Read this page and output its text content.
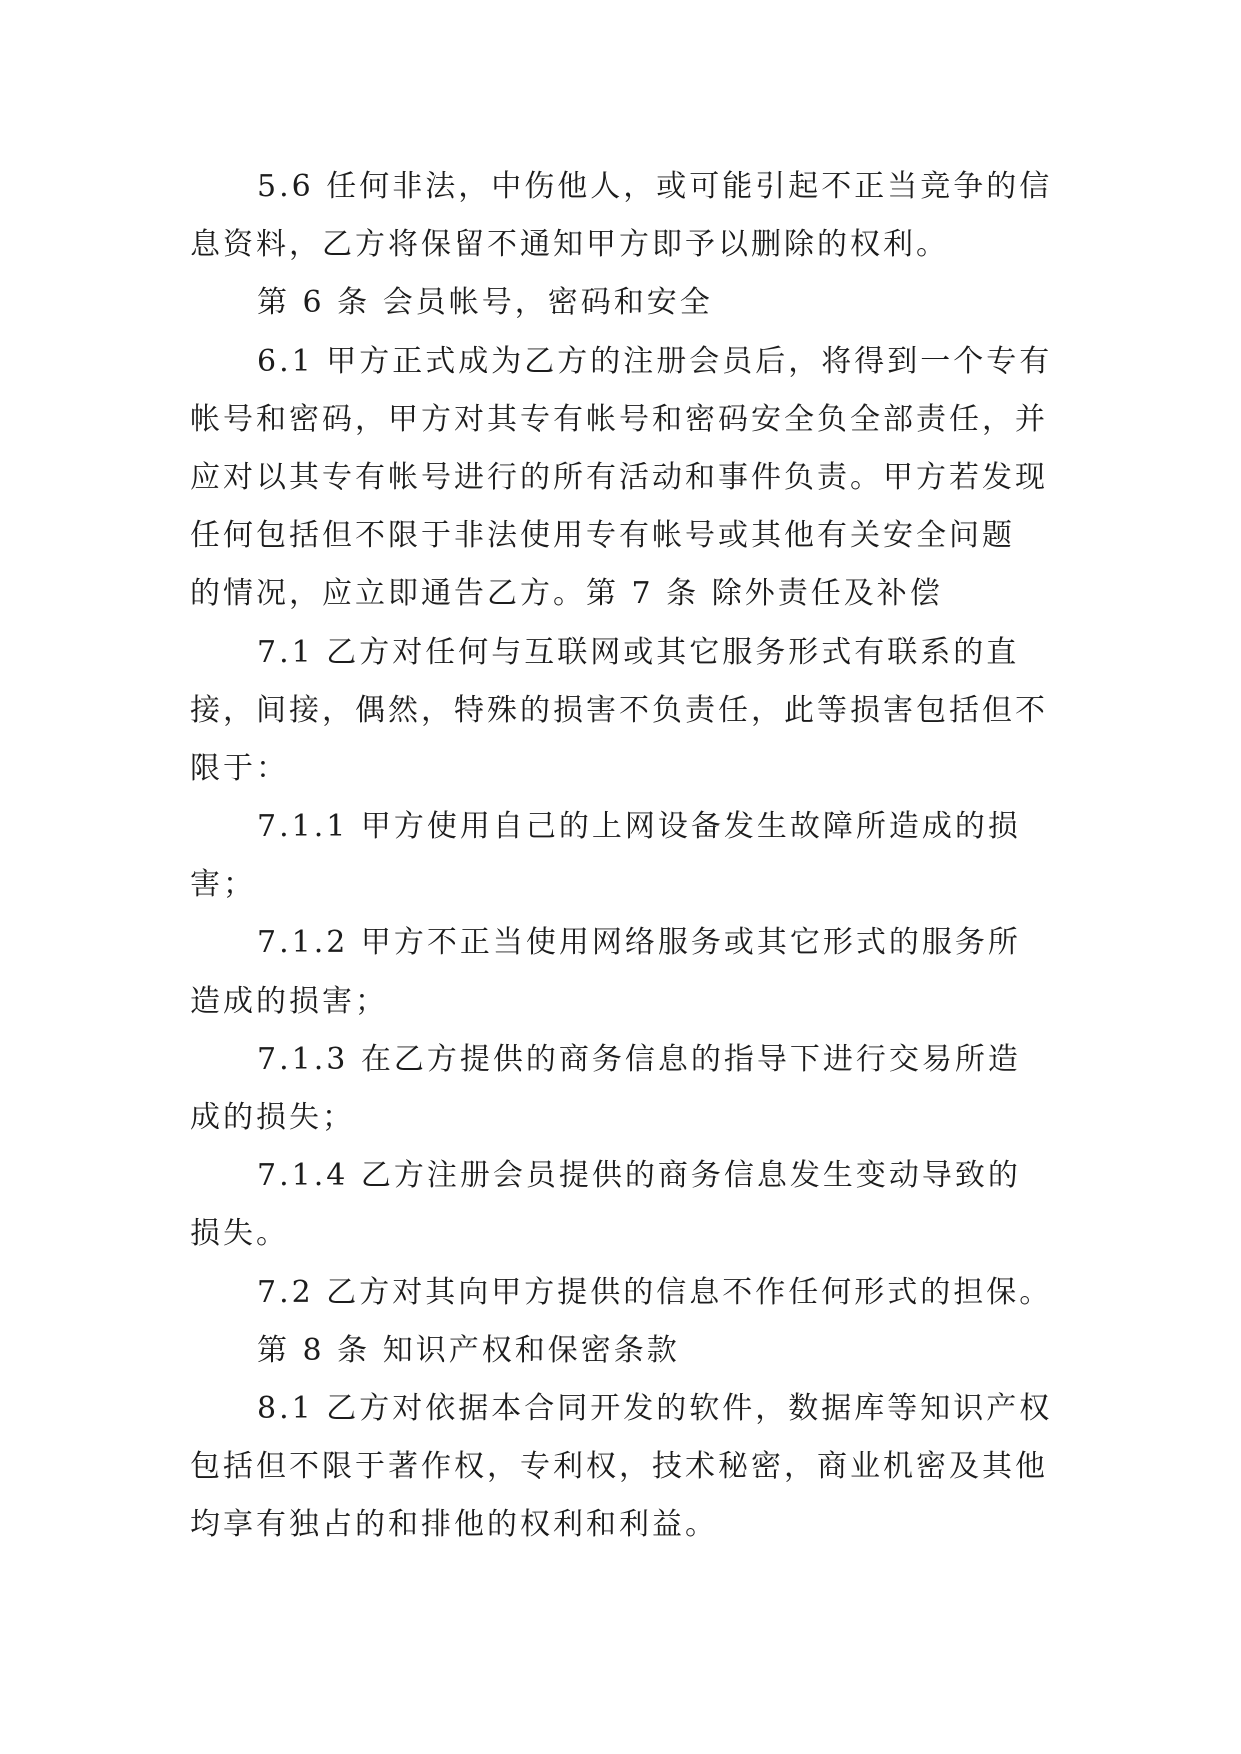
5.6 任何非法，中伤他人，或可能引起不正当竞争的信
息资料，乙方将保留不通知甲方即予以删除的权利。
第 6 条 会员帐号，密码和安全
6.1 甲方正式成为乙方的注册会员后，将得到一个专有
帐号和密码，甲方对其专有帐号和密码安全负全部责任，并
应对以其专有帐号进行的所有活动和事件负责。甲方若发现
任何包括但不限于非法使用专有帐号或其他有关安全问题
的情况，应立即通告乙方。第 7 条 除外责任及补偿
7.1 乙方对任何与互联网或其它服务形式有联系的直
接，间接，偶然，特殊的损害不负责任，此等损害包括但不
限于：
7.1.1 甲方使用自己的上网设备发生故障所造成的损
害；
7.1.2 甲方不正当使用网络服务或其它形式的服务所
造成的损害；
7.1.3 在乙方提供的商务信息的指导下进行交易所造
成的损失；
7.1.4 乙方注册会员提供的商务信息发生变动导致的
损失。
7.2 乙方对其向甲方提供的信息不作任何形式的担保。
第 8 条 知识产权和保密条款
8.1 乙方对依据本合同开发的软件，数据库等知识产权
包括但不限于著作权，专利权，技术秘密，商业机密及其他
均享有独占的和排他的权利和利益。
